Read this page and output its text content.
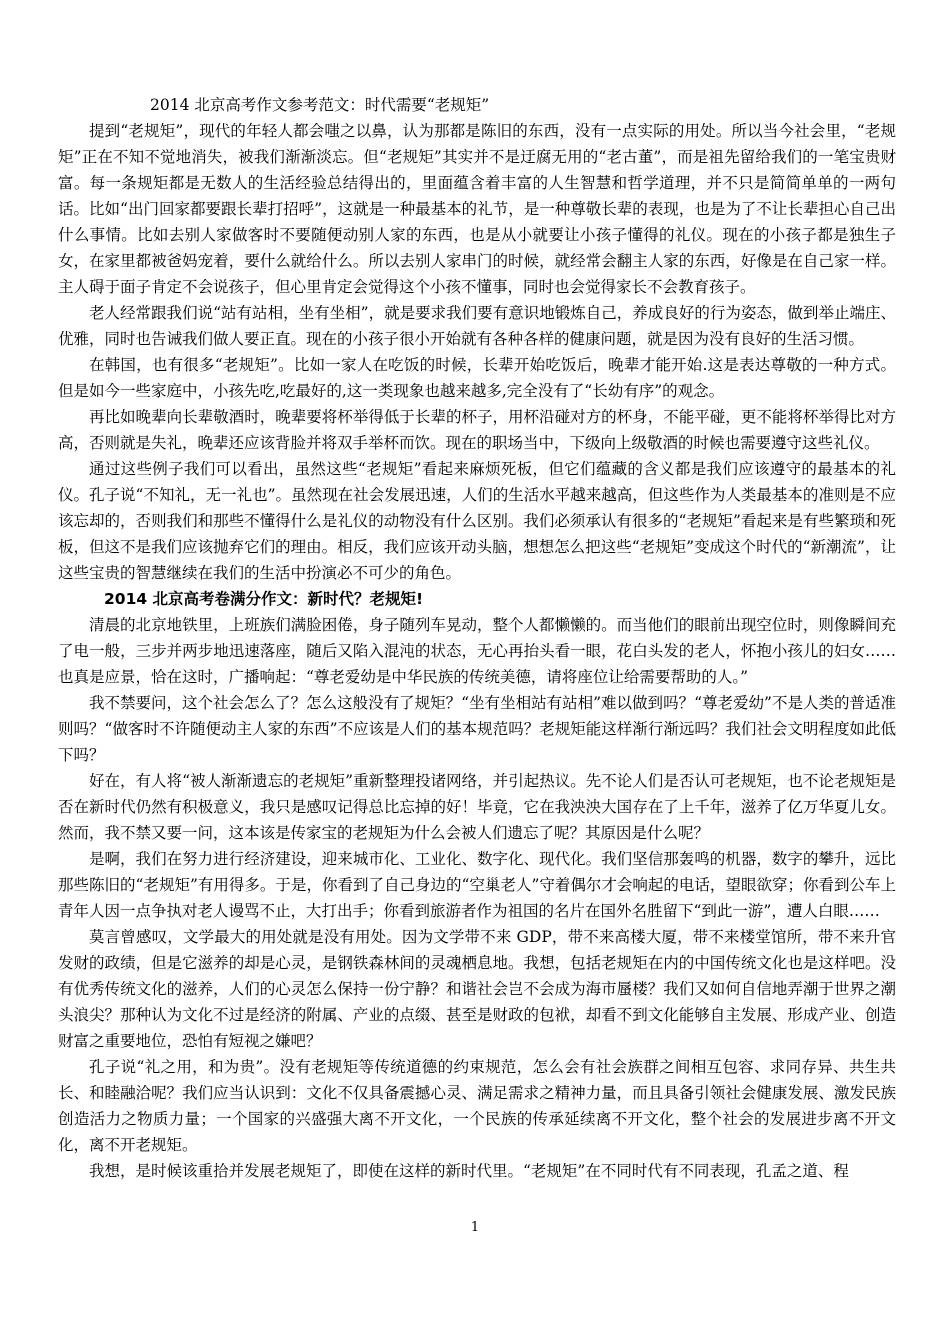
2014 北京高考作文参考范文：时代需要“老规矩”

提到“老规矩”，现代的年轻人都会嗤之以鼻，认为那都是陈旧的东西，没有一点实际的用处。所以当今社会里，“老规矩”正在不知不觉地消失，被我们渐渐淡忘。但“老规矩”其实并不是迂腐无用的“老古董”，而是祖先留给我们的一笔宝贵财富。每一条规矩都是无数人的生活经验总结得出的，里面蕴含着丰富的人生智慧和哲学道理，并不只是简简单单的一两句话。比如“出门回家都要跟长辈打招呼”，这就是一种最基本的礼节，是一种尊敬长辈的表现，也是为了不让长辈担心自己出什么事情。比如去别人家做客时不要随便动别人家的东西，也是从小就要让小孩子懂得的礼仪。现在的小孩子都是独生子女，在家里都被爸妈宠着，要什么就给什么。所以去别人家串门的时候，就经常会翻主人家的东西，好像是在自己家一样。主人碍于面子肯定不会说孩子，但心里肯定会觉得这个小孩不懂事，同时也会觉得家长不会教育孩子。

老人经常跟我们说“站有站相，坐有坐相”，就是要求我们要有意识地锻炼自己，养成良好的行为姿态，做到举止端庄、优雅，同时也告诫我们做人要正直。现在的小孩子很小开始就有各种各样的健康问题，就是因为没有良好的生活习惯。

在韩国，也有很多“老规矩”。比如一家人在吃饭的时候，长辈开始吃饭后，晚辈才能开始.这是表达尊敬的一种方式。但是如今一些家庭中，小孩先吃,吃最好的,这一类现象也越来越多,完全没有了“长幼有序”的观念。

再比如晚辈向长辈敬酒时，晚辈要将杯举得低于长辈的杯子，用杯沿碰对方的杯身，不能平碰，更不能将杯举得比对方高，否则就是失礼，晚辈还应该背脸并将双手举杯而饮。现在的职场当中，下级向上级敬酒的时候也需要遵守这些礼仪。

通过这些例子我们可以看出，虽然这些“老规矩”看起来麻烦死板，但它们蕴藏的含义都是我们应该遵守的最基本的礼仪。孔子说“不知礼，无一礼也”。虽然现在社会发展迅速，人们的生活水平越来越高，但这些作为人类最基本的准则是不应该忘却的，否则我们和那些不懂得什么是礼仪的动物没有什么区别。我们必须承认有很多的“老规矩”看起来是有些繁琐和死板，但这不是我们应该抛弃它们的理由。相反，我们应该开动头脑，想想怎么把这些“老规矩”变成这个时代的“新潮流”，让这些宝贵的智慧继续在我们的生活中扮演必不可少的角色。

2014 北京高考卷满分作文：新时代？老规矩!

清晨的北京地铁里，上班族们满脸困倦，身子随列车晃动，整个人都懒懒的。而当他们的眼前出现空位时，则像瞬间充了电一般，三步并两步地迅速落座，随后又陷入混沌的状态，无心再抬头看一眼，花白头发的老人，怀抱小孩儿的妇女……也真是应景，恰在这时，广播响起：“尊老爱幼是中华民族的传统美德，请将座位让给需要帮助的人。”

我不禁要问，这个社会怎么了？怎么这般没有了规矩？“坐有坐相站有站相”难以做到吗？“尊老爱幼”不是人类的普适准则吗？“做客时不许随便动主人家的东西”不应该是人们的基本规范吗？老规矩能这样渐行渐远吗？我们社会文明程度如此低下吗？

好在，有人将“被人渐渐遗忘的老规矩”重新整理投诸网络，并引起热议。先不论人们是否认可老规矩，也不论老规矩是否在新时代仍然有积极意义，我只是感叹记得总比忘掉的好！毕竟，它在我泱泱大国存在了上千年，滋养了亿万华夏儿女。然而，我不禁又要一问，这本该是传家宝的老规矩为什么会被人们遗忘了呢？其原因是什么呢？

是啊，我们在努力进行经济建设，迎来城市化、工业化、数字化、现代化。我们坚信那轰鸣的机器，数字的攀升，远比那些陈旧的“老规矩”有用得多。于是，你看到了自己身边的“空巢老人”守着偶尔才会响起的电话，望眼欲穿；你看到公车上青年人因一点争执对老人谩骂不止，大打出手；你看到旅游者作为祖国的名片在国外名胜留下“到此一游”，遭人白眼……

莫言曾感叹，文学最大的用处就是没有用处。因为文学带不来 GDP，带不来高楼大厦，带不来楼堂馆所，带不来升官发财的政绩，但是它滋养的却是心灵，是钢铁森林间的灵魂栖息地。我想，包括老规矩在内的中国传统文化也是这样吧。没有优秀传统文化的滋养，人们的心灵怎么保持一份宁静？和谐社会岂不会成为海市蜃楼？我们又如何自信地弄潮于世界之潮头浪尖？那种认为文化不过是经济的附属、产业的点缀、甚至是财政的包袱，却看不到文化能够自主发展、形成产业、创造财富之重要地位，恐怕有短视之嫌吧？

孔子说“礼之用，和为贵”。没有老规矩等传统道德的约束规范，怎么会有社会族群之间相互包容、求同存异、共生共长、和睦融洽呢？我们应当认识到：文化不仅具备震撼心灵、满足需求之精神力量，而且具备引领社会健康发展、激发民族创造活力之物质力量；一个国家的兴盛强大离不开文化，一个民族的传承延续离不开文化，整个社会的发展进步离不开文化，离不开老规矩。

我想，是时候该重拾并发展老规矩了，即使在这样的新时代里。“老规矩”在不同时代有不同表现，孔孟之道、程

1
